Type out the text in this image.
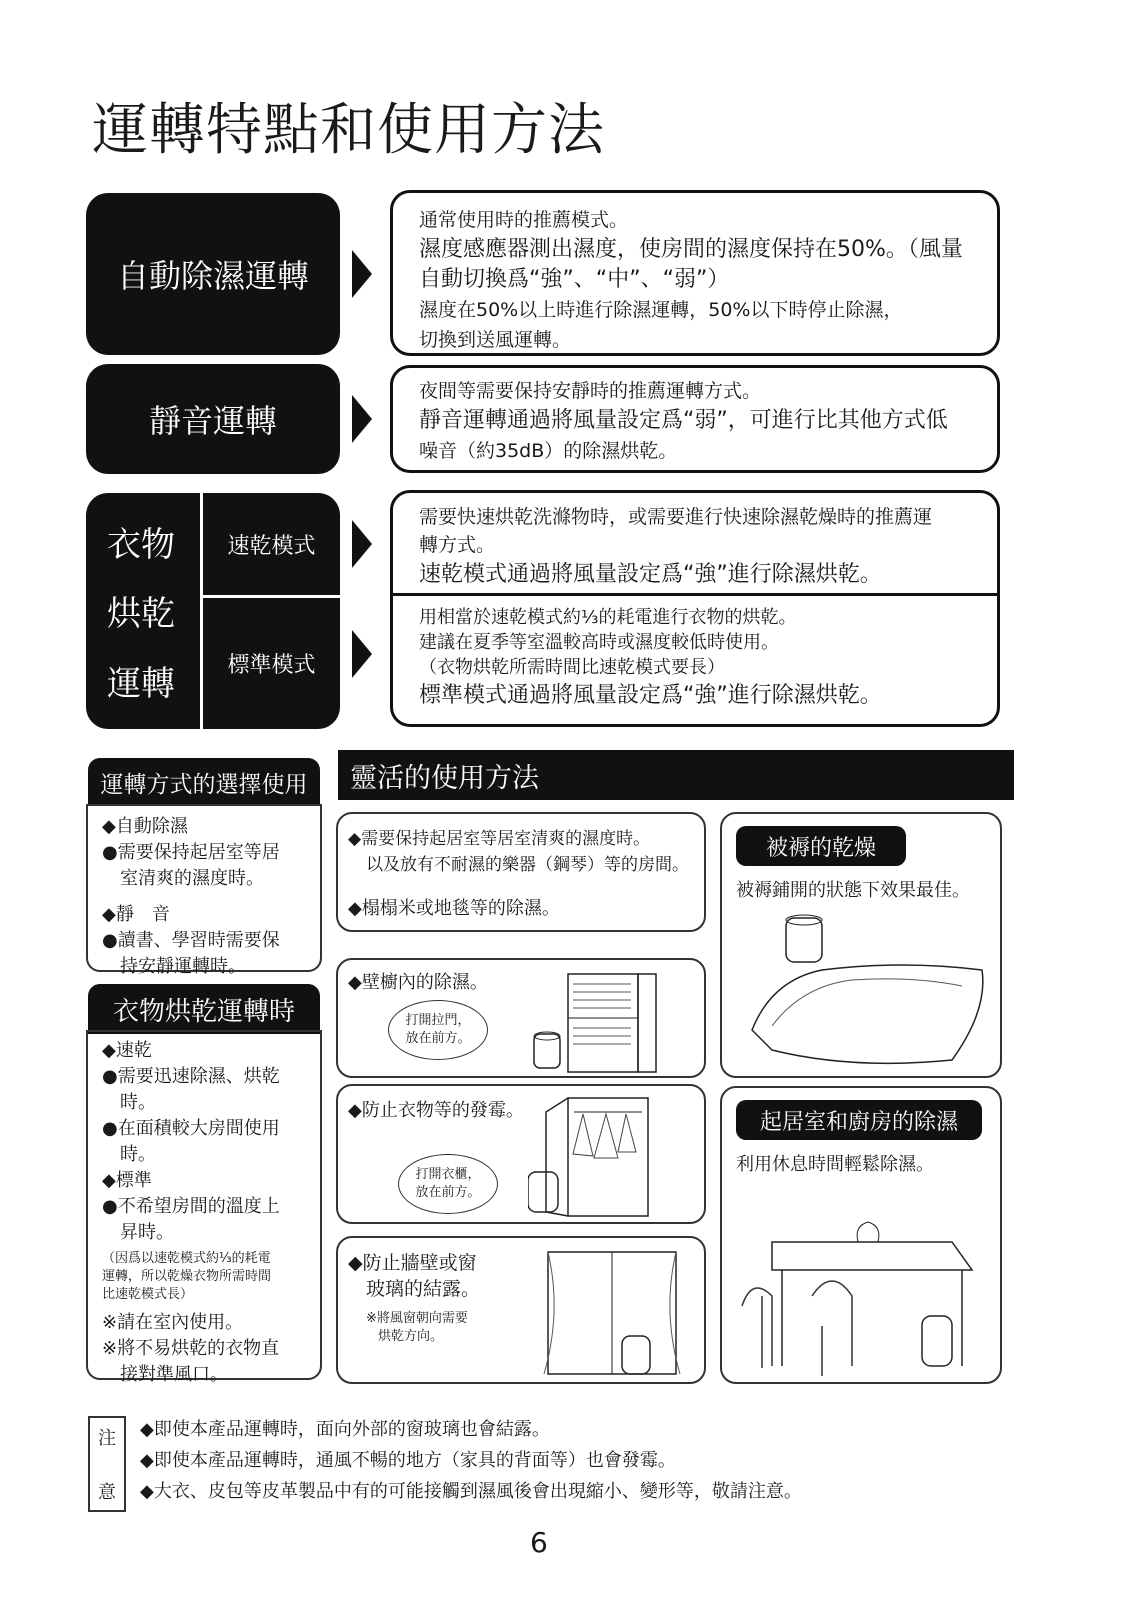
運轉特點和使用方法
自動除濕運轉

通常使用時的推薦模式。

濕度感應器測出濕度，使房間的濕度保持在50%。（風量

自動切換爲“強”、“中”、“弱”）

濕度在50%以上時進行除濕運轉，50%以下時停止除濕，

切換到送風運轉。

靜音運轉

夜間等需要保持安靜時的推薦運轉方式。

靜音運轉通過將風量設定爲“弱”，可進行比其他方式低

噪音（約35dB）的除濕烘乾。

衣物
烘乾
運轉
速乾模式
標準模式

需要快速烘乾洗滌物時，或需要進行快速除濕乾燥時的推薦運

轉方式。

速乾模式通過將風量設定爲“強”進行除濕烘乾。

用相當於速乾模式約⅓的耗電進行衣物的烘乾。

建議在夏季等室溫較高時或濕度較低時使用。

（衣物烘乾所需時間比速乾模式要長）

標準模式通過將風量設定爲“強”進行除濕烘乾。

運轉方式的選擇使用
◆自動除濕
●需要保持起居室等居
室清爽的濕度時。
◆靜　音
●讀書、學習時需要保
持安靜運轉時。
衣物烘乾運轉時
◆速乾
●需要迅速除濕、烘乾
時。
●在面積較大房間使用
時。
◆標準
●不希望房間的溫度上
昇時。
（因爲以速乾模式約⅓的耗電
運轉，所以乾燥衣物所需時間
比速乾模式長）
※請在室內使用。
※將不易烘乾的衣物直
接對準風口。
靈活的使用方法
◆需要保持起居室等居室清爽的濕度時。
以及放有不耐濕的樂器（鋼琴）等的房間。
◆榻榻米或地毯等的除濕。
◆壁櫥內的除濕。
打開拉門，
放在前方。
◆防止衣物等的發霉。
打開衣櫃，
放在前方。
◆防止牆壁或窗
玻璃的結露。
※將風窗朝向需要
烘乾方向。
被褥的乾燥
被褥鋪開的狀態下效果最佳。
起居室和廚房的除濕
利用休息時間輕鬆除濕。
注
意
◆即使本產品運轉時，面向外部的窗玻璃也會結露。
◆即使本產品運轉時，通風不暢的地方（家具的背面等）也會發霉。
◆大衣、皮包等皮革製品中有的可能接觸到濕風後會出現縮小、變形等，敬請注意。
6
